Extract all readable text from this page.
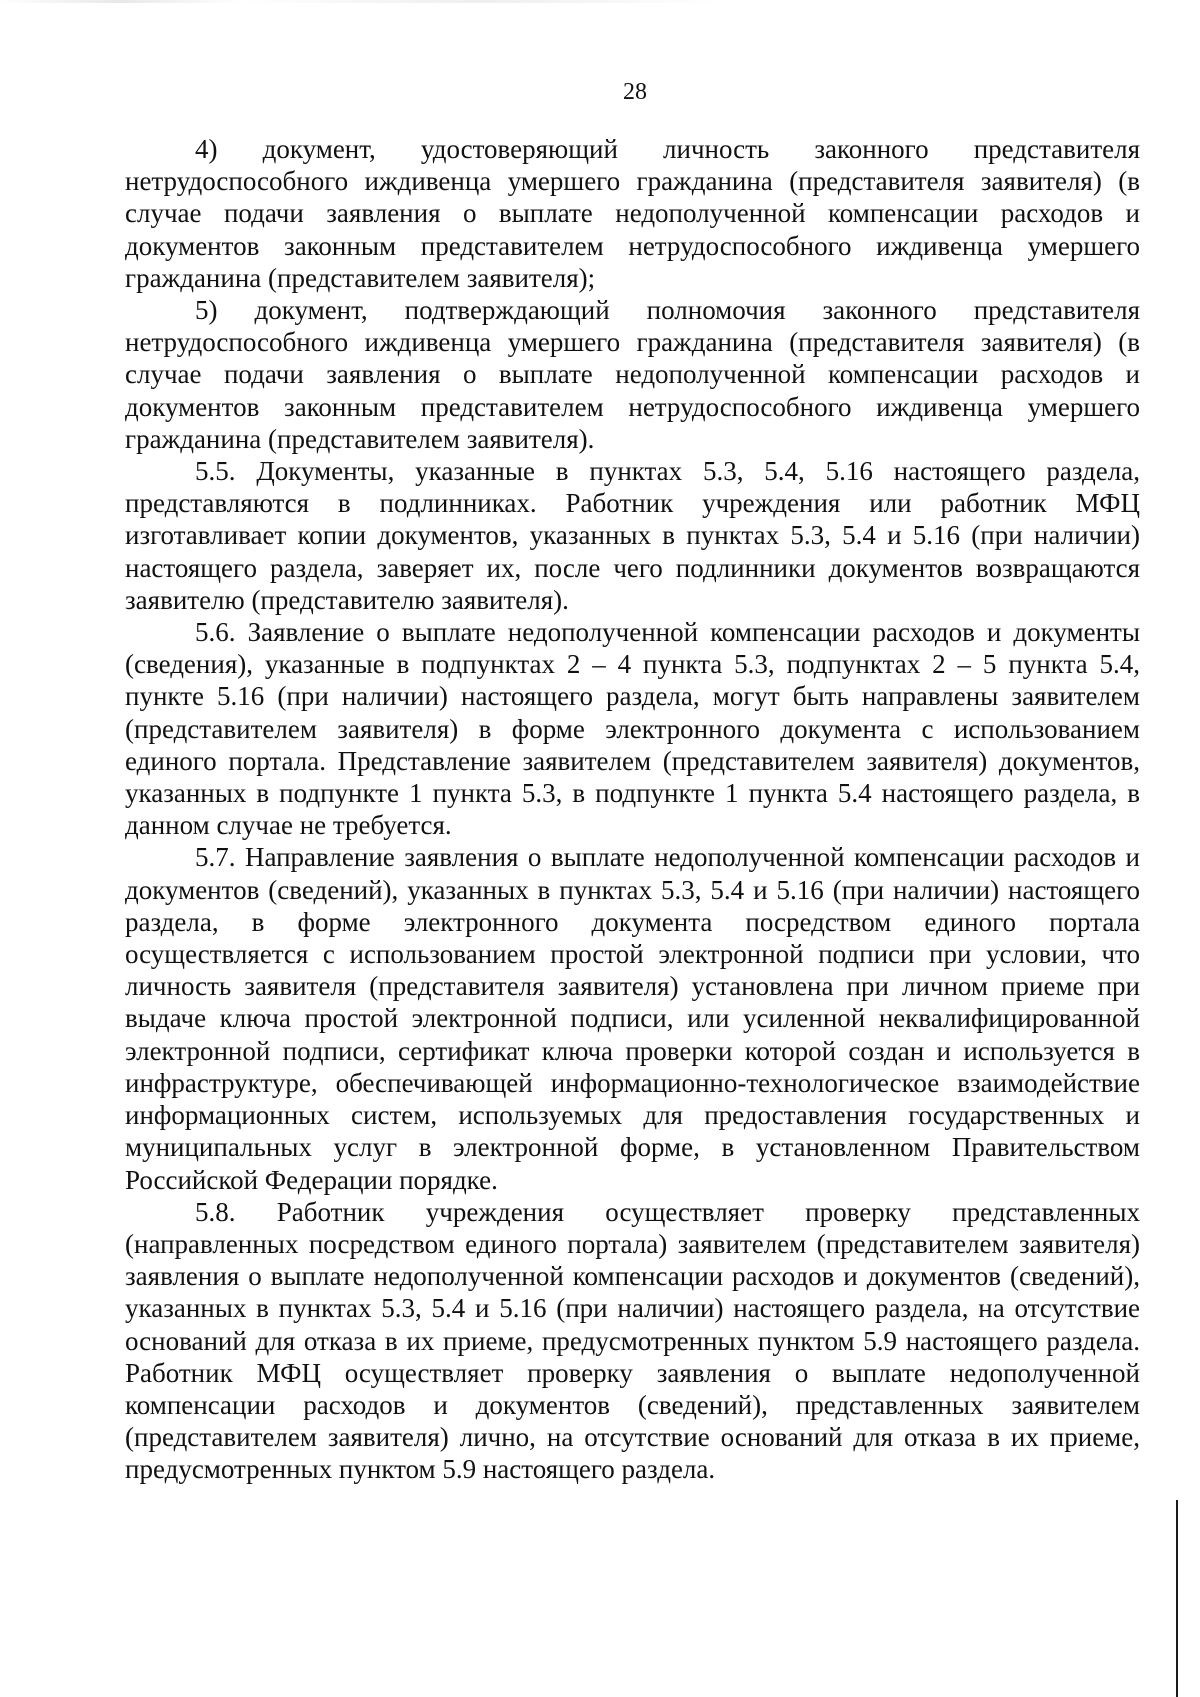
28

4) документ, удостоверяющий личность законного представителя нетрудоспособного иждивенца умершего гражданина (представителя заявителя) (в случае подачи заявления о выплате недополученной компенсации расходов и документов законным представителем нетрудоспособного иждивенца умершего гражданина (представителем заявителя);

5) документ, подтверждающий полномочия законного представителя нетрудоспособного иждивенца умершего гражданина (представителя заявителя) (в случае подачи заявления о выплате недополученной компенсации расходов и документов законным представителем нетрудоспособного иждивенца умершего гражданина (представителем заявителя).

5.5. Документы, указанные в пунктах 5.3, 5.4, 5.16 настоящего раздела, представляются в подлинниках. Работник учреждения или работник МФЦ изготавливает копии документов, указанных в пунктах 5.3, 5.4 и 5.16 (при наличии) настоящего раздела, заверяет их, после чего подлинники документов возвращаются заявителю (представителю заявителя).

5.6. Заявление о выплате недополученной компенсации расходов и документы (сведения), указанные в подпунктах 2 – 4 пункта 5.3, подпунктах 2 – 5 пункта 5.4, пункте 5.16 (при наличии) настоящего раздела, могут быть направлены заявителем (представителем заявителя) в форме электронного документа с использованием единого портала. Представление заявителем (представителем заявителя) документов, указанных в подпункте 1 пункта 5.3, в подпункте 1 пункта 5.4 настоящего раздела, в данном случае не требуется.

5.7. Направление заявления о выплате недополученной компенсации расходов и документов (сведений), указанных в пунктах 5.3, 5.4 и 5.16 (при наличии) настоящего раздела, в форме электронного документа посредством единого портала осуществляется с использованием простой электронной подписи при условии, что личность заявителя (представителя заявителя) установлена при личном приеме при выдаче ключа простой электронной подписи, или усиленной неквалифицированной электронной подписи, сертификат ключа проверки которой создан и используется в инфраструктуре, обеспечивающей информационно-технологическое взаимодействие информационных систем, используемых для предоставления государственных и муниципальных услуг в электронной форме, в установленном Правительством Российской Федерации порядке.

5.8. Работник учреждения осуществляет проверку представленных (направленных посредством единого портала) заявителем (представителем заявителя) заявления о выплате недополученной компенсации расходов и документов (сведений), указанных в пунктах 5.3, 5.4 и 5.16 (при наличии) настоящего раздела, на отсутствие оснований для отказа в их приеме, предусмотренных пунктом 5.9 настоящего раздела. Работник МФЦ осуществляет проверку заявления о выплате недополученной компенсации расходов и документов (сведений), представленных заявителем (представителем заявителя) лично, на отсутствие оснований для отказа в их приеме, предусмотренных пунктом 5.9 настоящего раздела.
